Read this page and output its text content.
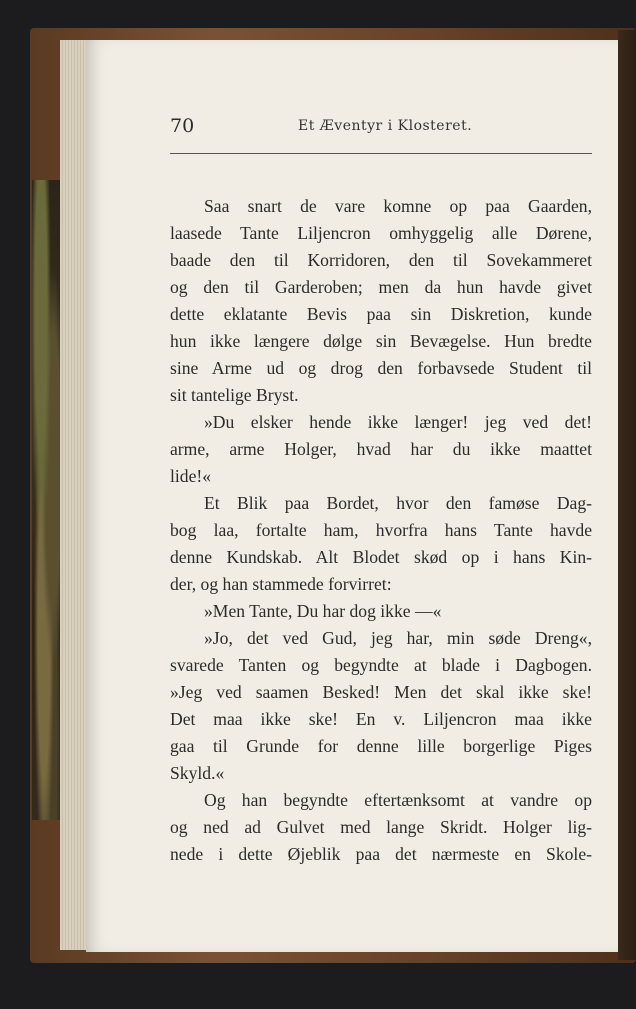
70	Et Æventyr i Klosteret.
Saa snart de vare komne op paa Gaarden,
laasede Tante Liljencron omhyggelig alle Dørene,
baade den til Korridoren, den til Sovekammeret
og den til Garderoben; men da hun havde givet
dette eklatante Bevis paa sin Diskretion, kunde
hun ikke længere dølge sin Bevægelse. Hun bredte
sine Arme ud og drog den forbavsede Student til
sit tantelige Bryst.
»Du elsker hende ikke længer! jeg ved det!
arme, arme Holger, hvad har du ikke maattet
lide!«
Et Blik paa Bordet, hvor den famøse Dag-
bog laa, fortalte ham, hvorfra hans Tante havde
denne Kundskab. Alt Blodet skød op i hans Kin-
der, og han stammede forvirret:
»Men Tante, Du har dog ikke —«
»Jo, det ved Gud, jeg har, min søde Dreng«,
svarede Tanten og begyndte at blade i Dagbogen.
»Jeg ved saamen Besked! Men det skal ikke ske!
Det maa ikke ske! En v. Liljencron maa ikke
gaa til Grunde for denne lille borgerlige Piges
Skyld.«
Og han begyndte eftertænksomt at vandre op
og ned ad Gulvet med lange Skridt. Holger lig-
nede i dette Øjeblik paa det nærmeste en Skole-
